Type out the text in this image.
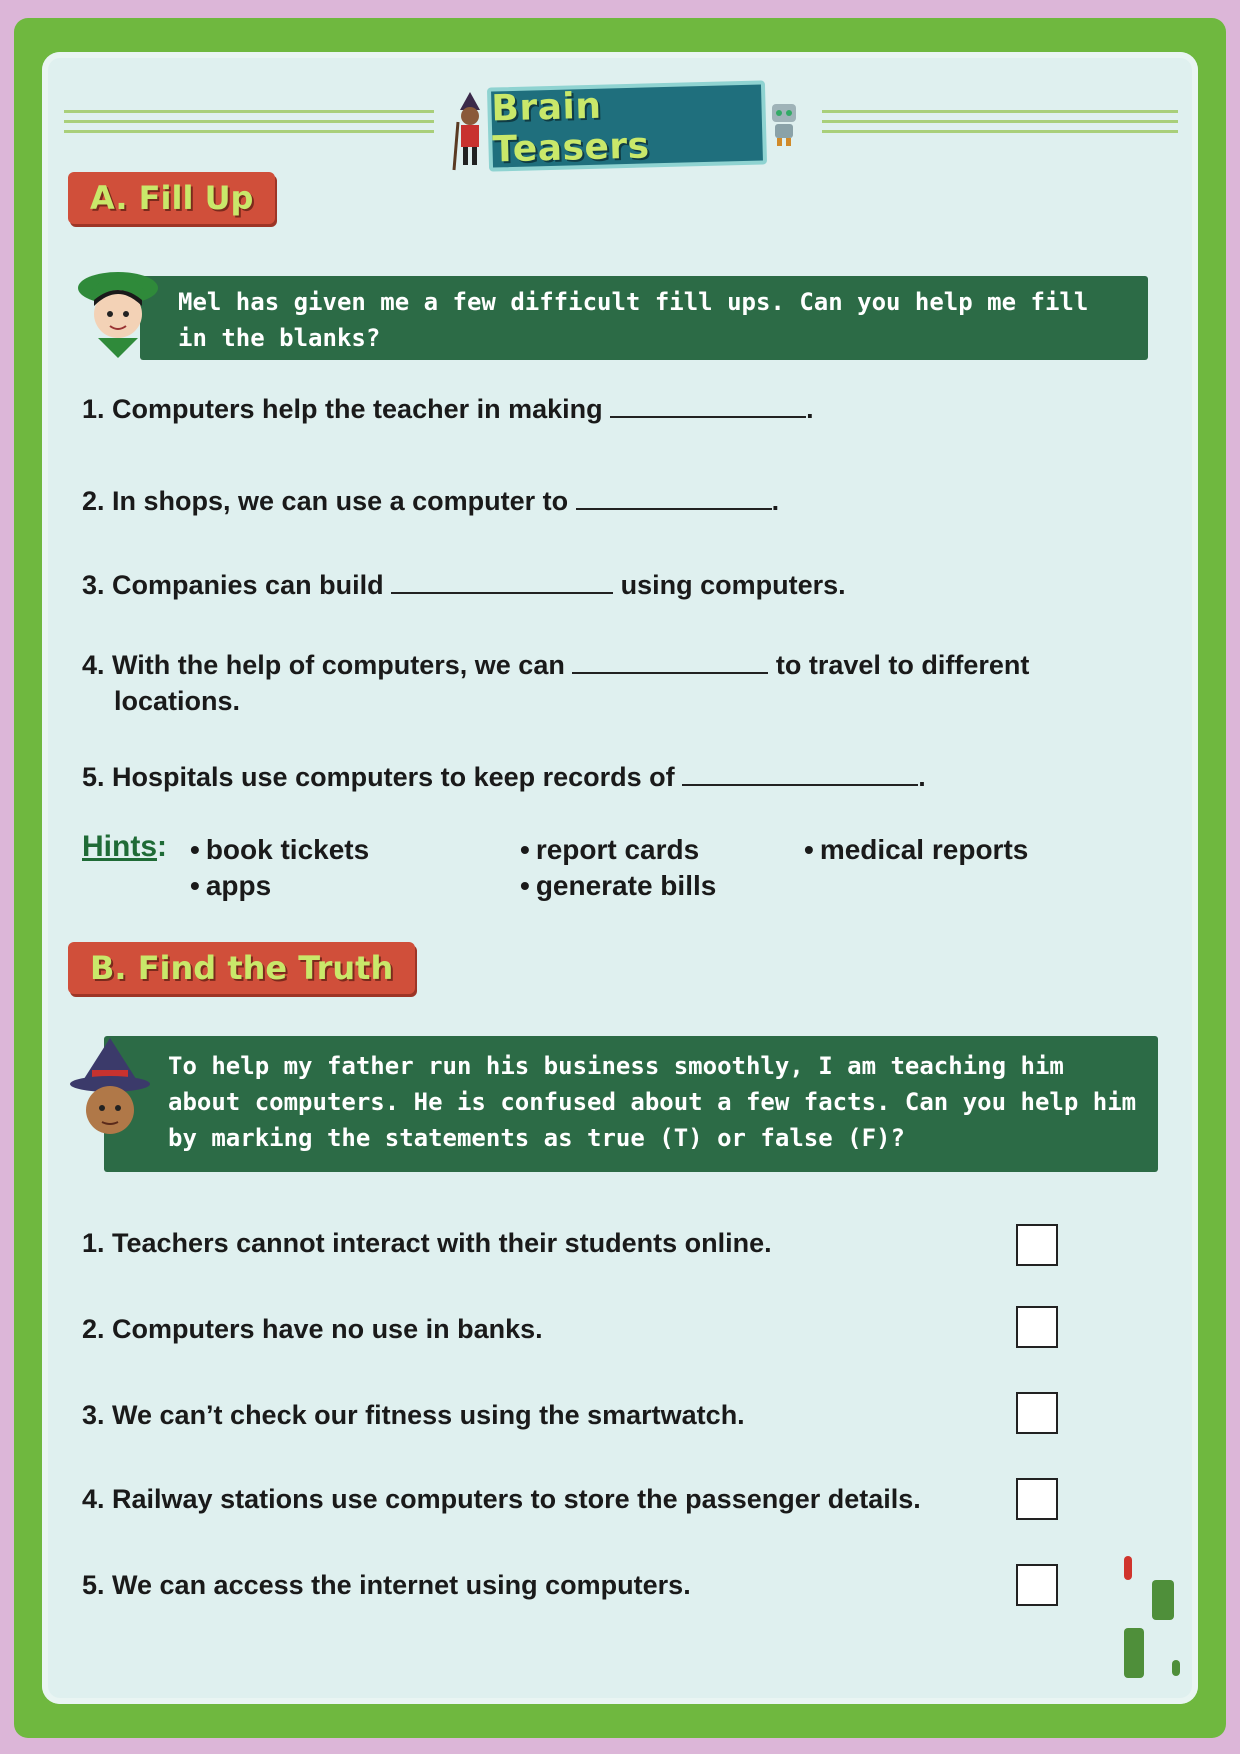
Brain Teasers
A. Fill Up
Mel has given me a few difficult fill ups. Can you help me fill in the blanks?
1. Computers help the teacher in making	.
2. In shops, we can use a computer to	.
3. Companies can build	using computers.
4. With the help of computers, we can	to travel to different
locations.
5. Hospitals use computers to keep records of	.
Hints:	• book tickets	• report cards	• medical reports
• apps	• generate bills
B. Find the Truth
To help my father run his business smoothly, I am teaching him about computers. He is confused about a few facts. Can you help him by marking the statements as true (T) or false (F)?
1. Teachers cannot interact with their students online.
2. Computers have no use in banks.
3. We can’t check our fitness using the smartwatch.
4. Railway stations use computers to store the passenger details.
5. We can access the internet using computers.
